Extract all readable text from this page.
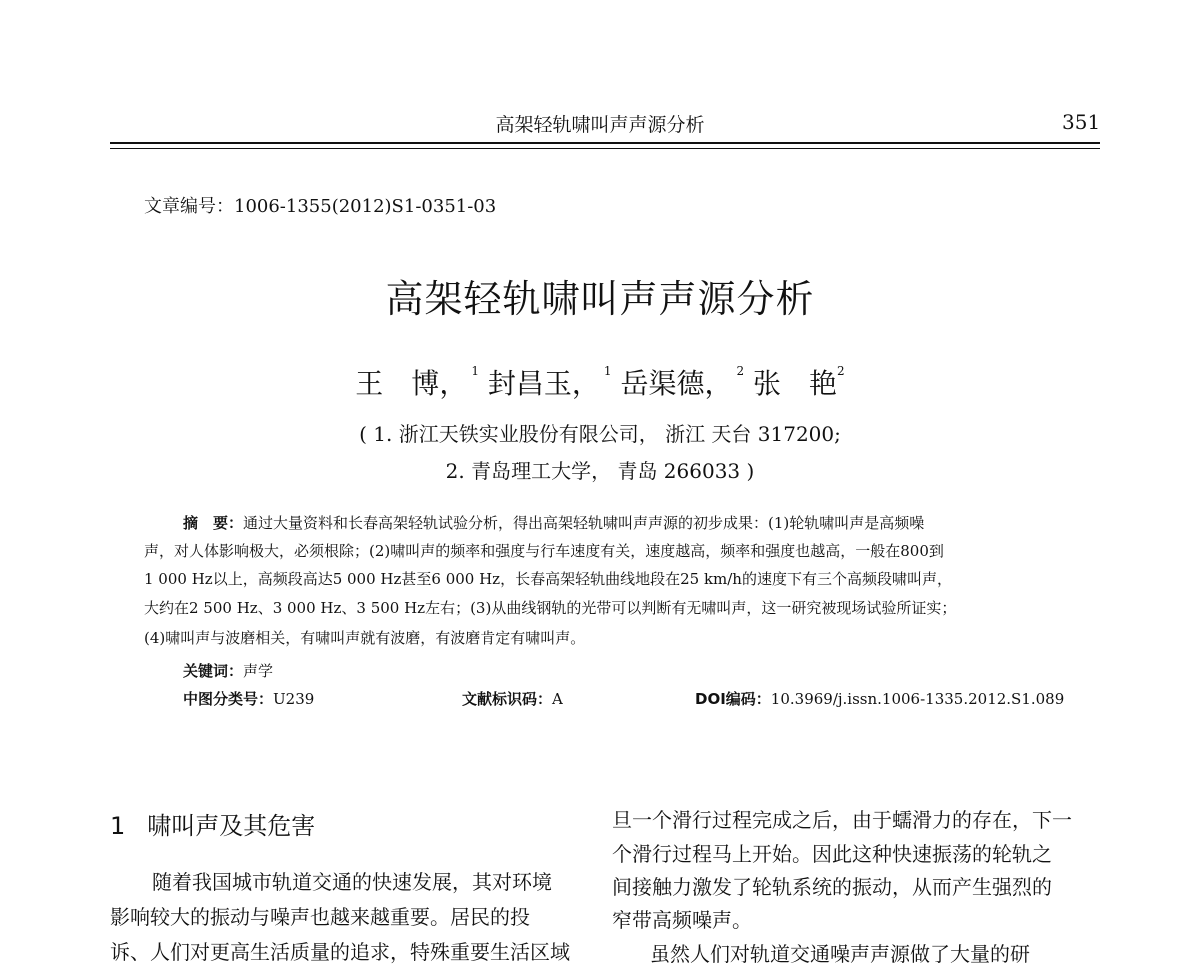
高架轻轨啸叫声声源分析	351
文章编号：1006-1355(2012)S1-0351-03
高架轻轨啸叫声声源分析
王　博， $^1$ 封昌玉， $^1$ 岳渠德， $^2$ 张　艳$^2$
( 1. 浙江天铁实业股份有限公司， 浙江 天台 317200;
2. 青岛理工大学， 青岛 266033 )
摘　要：通过大量资料和长春高架轻轨试验分析，得出高架轻轨啸叫声声源的初步成果：(1)轮轨啸叫声是高频噪
声，对人体影响极大，必须根除；(2)啸叫声的频率和强度与行车速度有关，速度越高，频率和强度也越高，一般在800到
1 000 Hz以上，高频段高达5 000 Hz甚至6 000 Hz，长春高架轻轨曲线地段在25 km/h的速度下有三个高频段啸叫声，
大约在2 500 Hz、3 000 Hz、3 500 Hz左右；(3)从曲线钢轨的光带可以判断有无啸叫声，这一研究被现场试验所证实；
(4)啸叫声与波磨相关，有啸叫声就有波磨，有波磨肯定有啸叫声。
关键词：声学
中图分类号：U239	文献标识码：A	DOI编码：10.3969/j.issn.1006-1335.2012.S1.089
1 啸叫声及其危害
随着我国城市轨道交通的快速发展，其对环境
影响较大的振动与噪声也越来越重要。居民的投
诉、人们对更高生活质量的追求，特殊重要生活区域
旦一个滑行过程完成之后，由于蠕滑力的存在，下一
个滑行过程马上开始。因此这种快速振荡的轮轨之
间接触力激发了轮轨系统的振动，从而产生强烈的
窄带高频噪声。
虽然人们对轨道交通噪声声源做了大量的研
